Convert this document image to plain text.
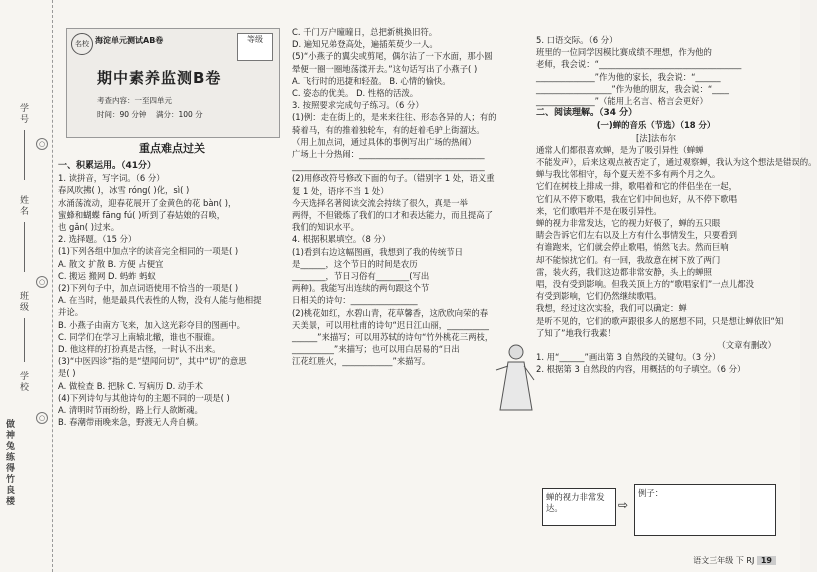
学号
○
姓名
○
班级
学校
○
做神兔练 得竹良楼
名校 海淀单元测试AB卷	等级
期中素养监测B卷
考查内容：一至四单元
时间：90 分钟 满分：100 分
重点难点过关
一、积累运用。（41分）
1. 读拼音，写字词。（6 分）
春风吹拂( )，冰雪 róng( )化，sì( )
水涌荡流动，迎春花展开了金黄色的花 bàn( )，
蜜蜂和蝴蝶 fāng fú( )听到了春姑娘的召唤，
也 gǎn( )过来。
2. 选择题。（15 分）
(1)下列各组中加点字的读音完全相同的一项是( )
A. 散文 扩散 B. 方便 占便宜
C. 搬运 搬网 D. 蚂蚱 蚂蚁
(2)下列句子中，加点词语使用不恰当的一项是( )
A. 在当时，他是最具代表性的人物，没有人能与他相提
并论。
B. 小燕子由南方飞来，加入这光彩夺目的图画中。
C. 同学们在学习上南辕北辙，谁也不服谁。
D. 他这样的打扮真是古怪，一时认不出来。
(3)“中医四诊”指的是“望闻问切”，其中“切”的意思
是( )
A. 做检查 B. 把脉 C. 写病历 D. 动手术
(4)下列诗句与其他诗句的主题不同的一项是( )
A. 清明时节雨纷纷，路上行人欲断魂。
B. 春潮带雨晚来急，野渡无人舟自横。
C. 千门万户曈曈日，总把新桃换旧符。
D. 遍知兄弟登高处，遍插茱萸少一人。
(5)“小燕子的翼尖或剪尾，偶尔沾了一下水面，那小圆
晕便一圈一圈地荡漾开去。”这句话写出了小燕子( )
A. 飞行时的迅捷和轻盈。 B. 心情的愉快。
C. 姿态的优美。 D. 性格的活泼。
3. 按照要求完成句子练习。（6 分）
(1)例：走在街上的，是来来往往、形态各异的人；有的
骑着马，有的推着独轮车，有的赶着毛驴上街溜达。
（用上加点词，通过具体的事例写出广场的热闹）
广场上十分热闹：______________________________
______________________________________________
(2)用修改符号修改下面的句子。（错别字 1 处，语义重
复 1 处，语序不当 1 处）
今天选择名著阅读交流会持续了很久，真是一举
两得，不但锻炼了我们的口才和表达能力，而且提高了
我们的知识水平。
4. 根据积累填空。（8 分）
(1)看到右边这幅图画，我想到了我的传统节日
是______，这个节日的时间是农历
________，节日习俗有________(写出
两种)。我能写出连续的两句跟这个节
日相关的诗句：________________
(2)桃花如红，水碧山青，花草馨香，这欣欣向荣的春
天美景，可以用杜甫的诗句“迟日江山丽，__________
______”来描写；可以用苏轼的诗句“竹外桃花三两枝，
__________”来描写；也可以用白居易的“日出
江花红胜火，____________”来描写。
5. 口语交际。（6 分）
班里的一位同学因模比赛成绩不理想，作为他的
老师，我会说：“__________________________________
______________”作为他的家长，我会说：“______
__________________”作为他的朋友，我会说：“____
______________”（能用上名言、格言会更好）
二、阅读理解。（34 分）
(一)蝉的音乐（节选）（18 分）
[法]法布尔
通常人们都很喜欢蝉，是为了吸引异性（蝉蝉
不能发声），后来这观点被否定了，通过观察蝉，我认为这个想法是错误的。
蝉与我比邻相守，每个夏天差不多有两个月之久。
它们在树枝上排成一排，歌唱着和它的伴侣坐在一起，
它们从不停下歌唱，我在它们中间也好，从不停下歌唱
来，它们歌唱并不是在吸引异性。
蝉的视力非常发达，它的视力好极了，蝉的五只眼
睛会告诉它们左右以及上方有什么事情发生，只要看到
有谁跑来，它们就会停止歌唱，悄然飞去。然而巨响
却不能惊扰它们。有一回，我故意在树下放了两门
雷，装火药，我们这边都非常安静，头上的蝉照
唱，没有受到影响。但我关顶上方的“歌唱家们”一点儿都没
有受到影响，它们仍然继续歌唱。
我想，经过这次实验，我们可以确定：蝉
是听不见的，它们的歌声跟很多人的愿想不同，只是想让蝉依旧“知
了知了”地我行我素！
（文章有删改）
1. 用“______”画出第 3 自然段的关键句。（3 分）
2. 根据第 3 自然段的内容，用概括的句子填空。（6 分）
蝉的视力非常发达。	⇨
例子：
语文三年级 下 RJ 19
